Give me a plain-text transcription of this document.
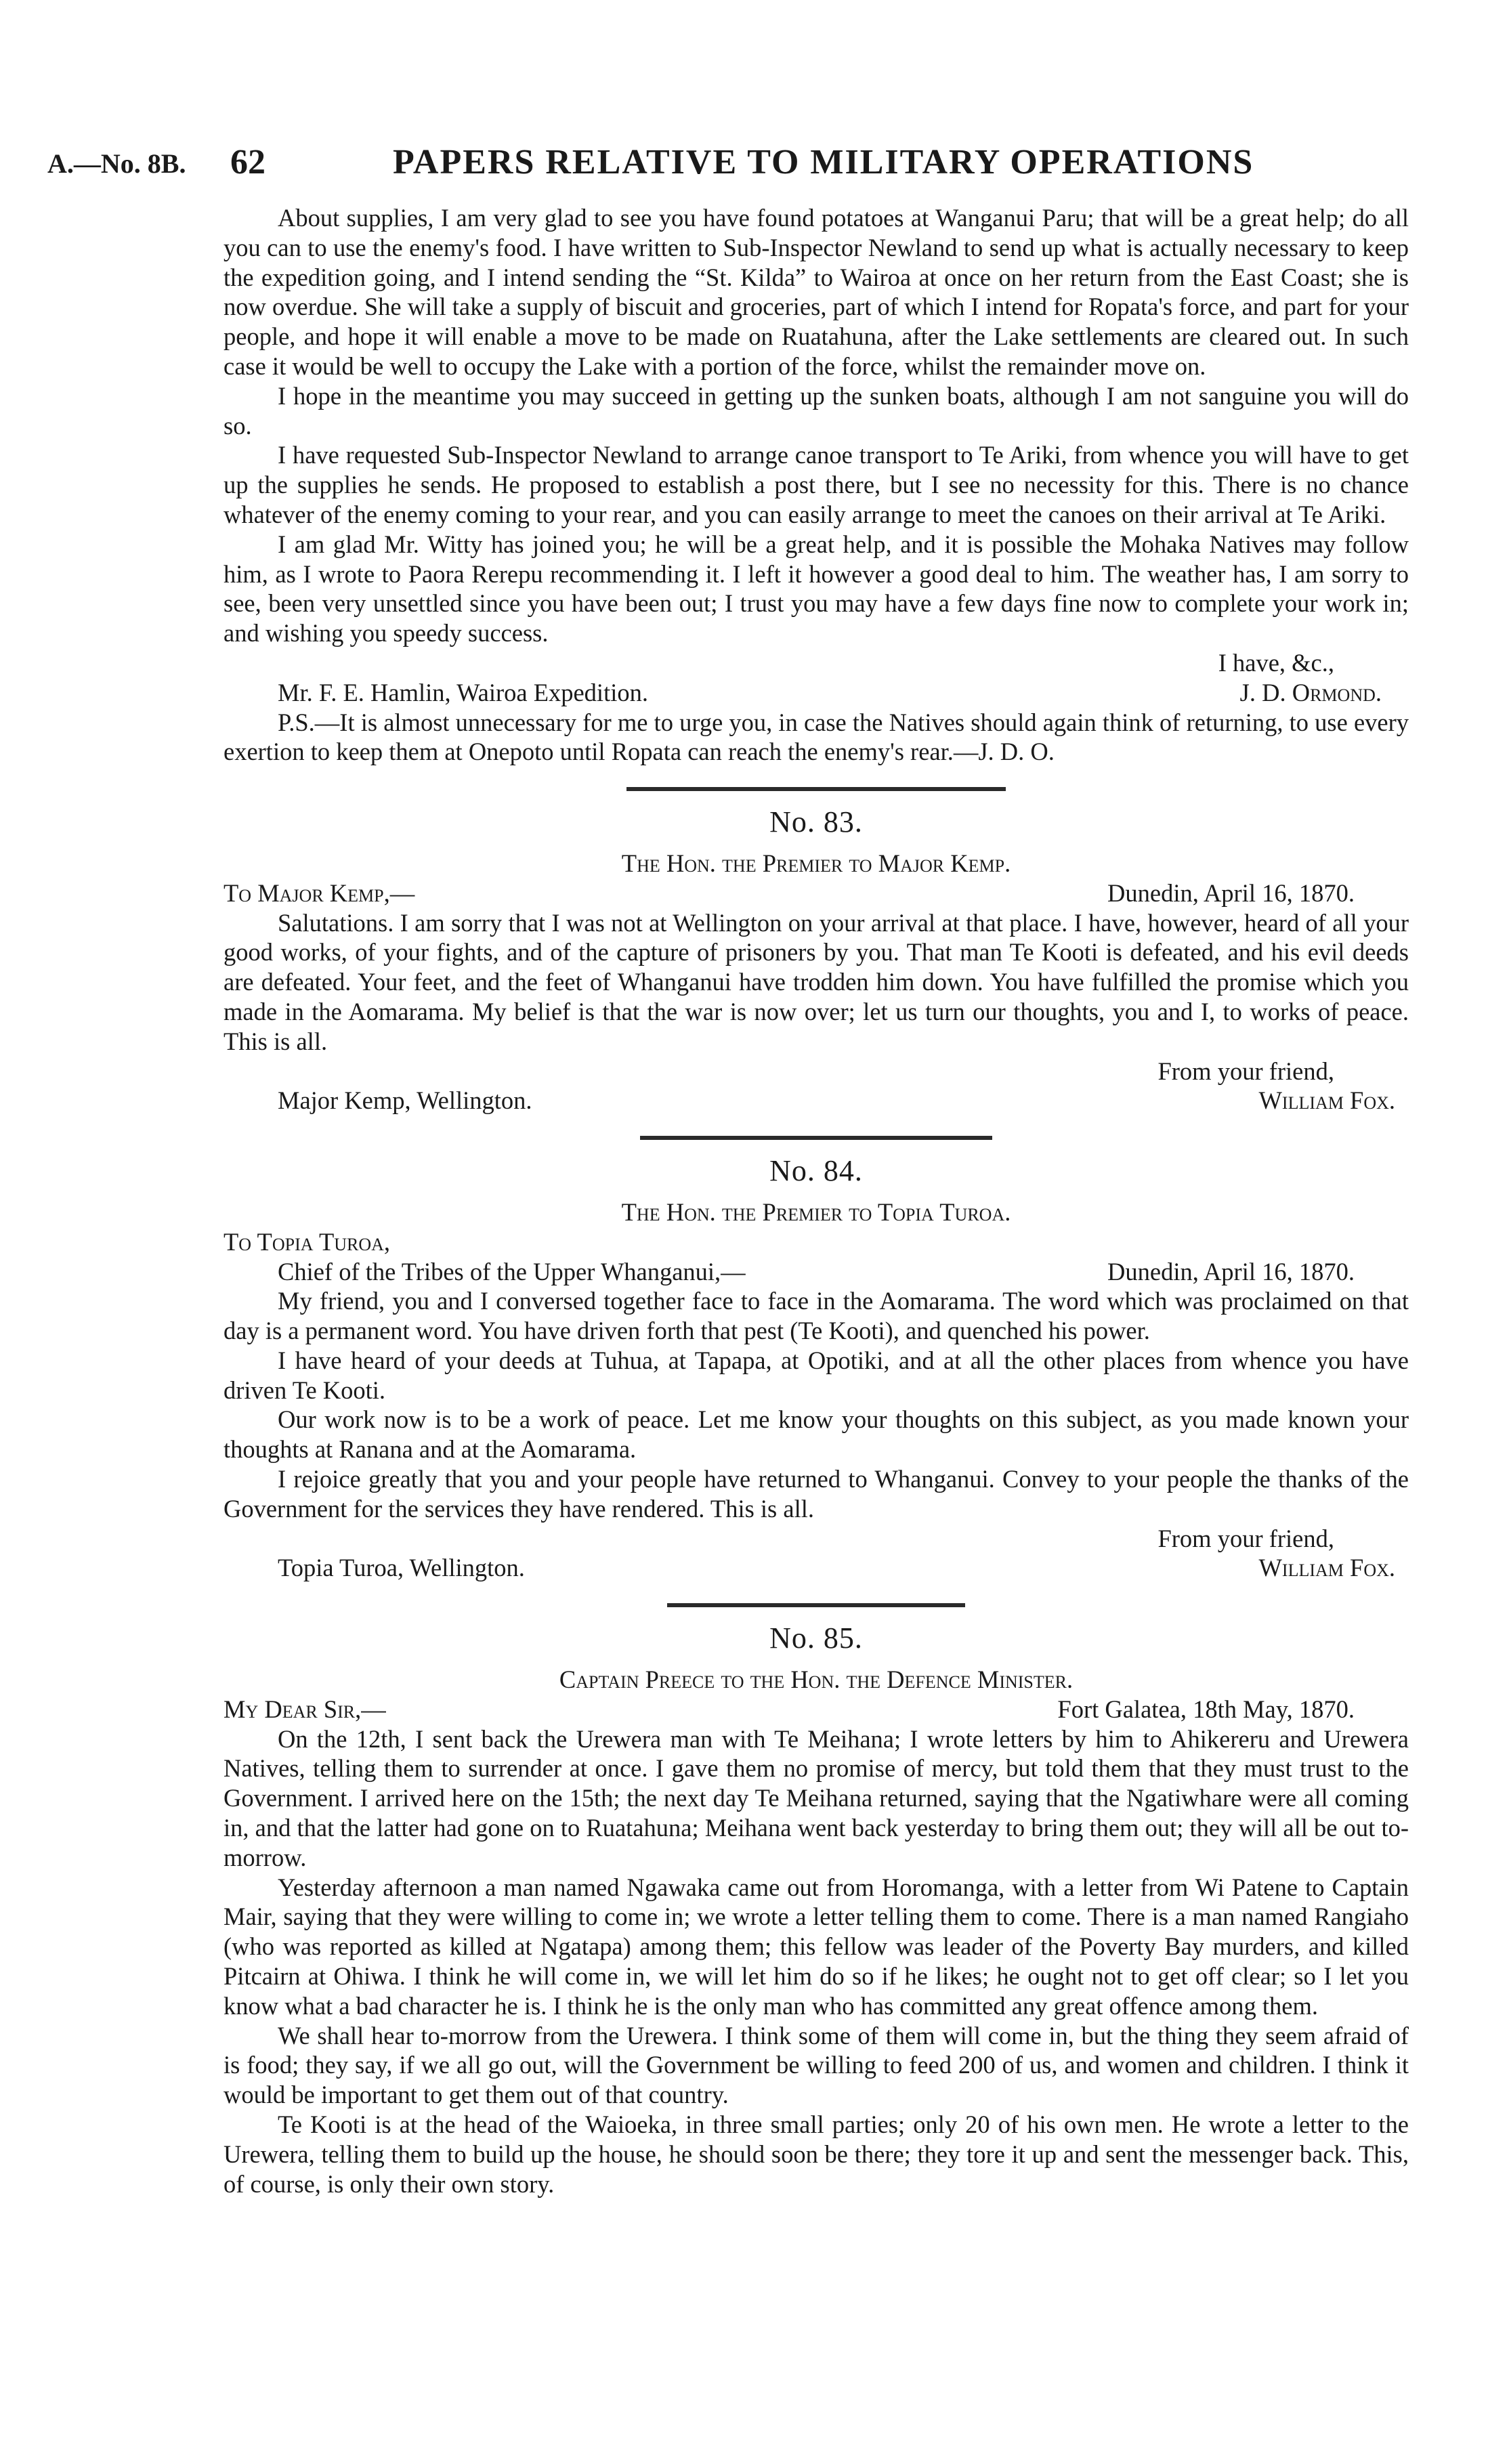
A.—No. 8B. 62	PAPERS RELATIVE TO MILITARY OPERATIONS

About supplies, I am very glad to see you have found potatoes at Wanganui Paru; that will be a great help; do all you can to use the enemy's food. I have written to Sub-Inspector Newland to send up what is actually necessary to keep the expedition going, and I intend sending the “St. Kilda” to Wairoa at once on her return from the East Coast; she is now overdue. She will take a supply of biscuit and groceries, part of which I intend for Ropata's force, and part for your people, and hope it will enable a move to be made on Ruatahuna, after the Lake settlements are cleared out. In such case it would be well to occupy the Lake with a portion of the force, whilst the remainder move on.

I hope in the meantime you may succeed in getting up the sunken boats, although I am not sanguine you will do so.

I have requested Sub-Inspector Newland to arrange canoe transport to Te Ariki, from whence you will have to get up the supplies he sends. He proposed to establish a post there, but I see no necessity for this. There is no chance whatever of the enemy coming to your rear, and you can easily arrange to meet the canoes on their arrival at Te Ariki.

I am glad Mr. Witty has joined you; he will be a great help, and it is possible the Mohaka Natives may follow him, as I wrote to Paora Rerepu recommending it. I left it however a good deal to him. The weather has, I am sorry to see, been very unsettled since you have been out; I trust you may have a few days fine now to complete your work in; and wishing you speedy success.

I have, &c.,
Mr. F. E. Hamlin, Wairoa Expedition.	J. D. Ormond.

P.S.—It is almost unnecessary for me to urge you, in case the Natives should again think of returning, to use every exertion to keep them at Onepoto until Ropata can reach the enemy's rear.—J. D. O.

No. 83.
The Hon. the Premier to Major Kemp.
To Major Kemp,—	Dunedin, April 16, 1870.

Salutations. I am sorry that I was not at Wellington on your arrival at that place. I have, however, heard of all your good works, of your fights, and of the capture of prisoners by you. That man Te Kooti is defeated, and his evil deeds are defeated. Your feet, and the feet of Whanganui have trodden him down. You have fulfilled the promise which you made in the Aomarama. My belief is that the war is now over; let us turn our thoughts, you and I, to works of peace. This is all.

From your friend,
Major Kemp, Wellington.	William Fox.
No. 84.
The Hon. the Premier to Topia Turoa.
To Topia Turoa,
Chief of the Tribes of the Upper Whanganui,—	Dunedin, April 16, 1870.

My friend, you and I conversed together face to face in the Aomarama. The word which was proclaimed on that day is a permanent word. You have driven forth that pest (Te Kooti), and quenched his power.

I have heard of your deeds at Tuhua, at Tapapa, at Opotiki, and at all the other places from whence you have driven Te Kooti.

Our work now is to be a work of peace. Let me know your thoughts on this subject, as you made known your thoughts at Ranana and at the Aomarama.

I rejoice greatly that you and your people have returned to Whanganui. Convey to your people the thanks of the Government for the services they have rendered. This is all.

From your friend,
Topia Turoa, Wellington.	William Fox.
No. 85.
Captain Preece to the Hon. the Defence Minister.
My Dear Sir,—	Fort Galatea, 18th May, 1870.

On the 12th, I sent back the Urewera man with Te Meihana; I wrote letters by him to Ahikereru and Urewera Natives, telling them to surrender at once. I gave them no promise of mercy, but told them that they must trust to the Government. I arrived here on the 15th; the next day Te Meihana returned, saying that the Ngatiwhare were all coming in, and that the latter had gone on to Ruatahuna; Meihana went back yesterday to bring them out; they will all be out to-morrow.

Yesterday afternoon a man named Ngawaka came out from Horomanga, with a letter from Wi Patene to Captain Mair, saying that they were willing to come in; we wrote a letter telling them to come. There is a man named Rangiaho (who was reported as killed at Ngatapa) among them; this fellow was leader of the Poverty Bay murders, and killed Pitcairn at Ohiwa. I think he will come in, we will let him do so if he likes; he ought not to get off clear; so I let you know what a bad character he is. I think he is the only man who has committed any great offence among them.

We shall hear to-morrow from the Urewera. I think some of them will come in, but the thing they seem afraid of is food; they say, if we all go out, will the Government be willing to feed 200 of us, and women and children. I think it would be important to get them out of that country.

Te Kooti is at the head of the Waioeka, in three small parties; only 20 of his own men. He wrote a letter to the Urewera, telling them to build up the house, he should soon be there; they tore it up and sent the messenger back. This, of course, is only their own story.
